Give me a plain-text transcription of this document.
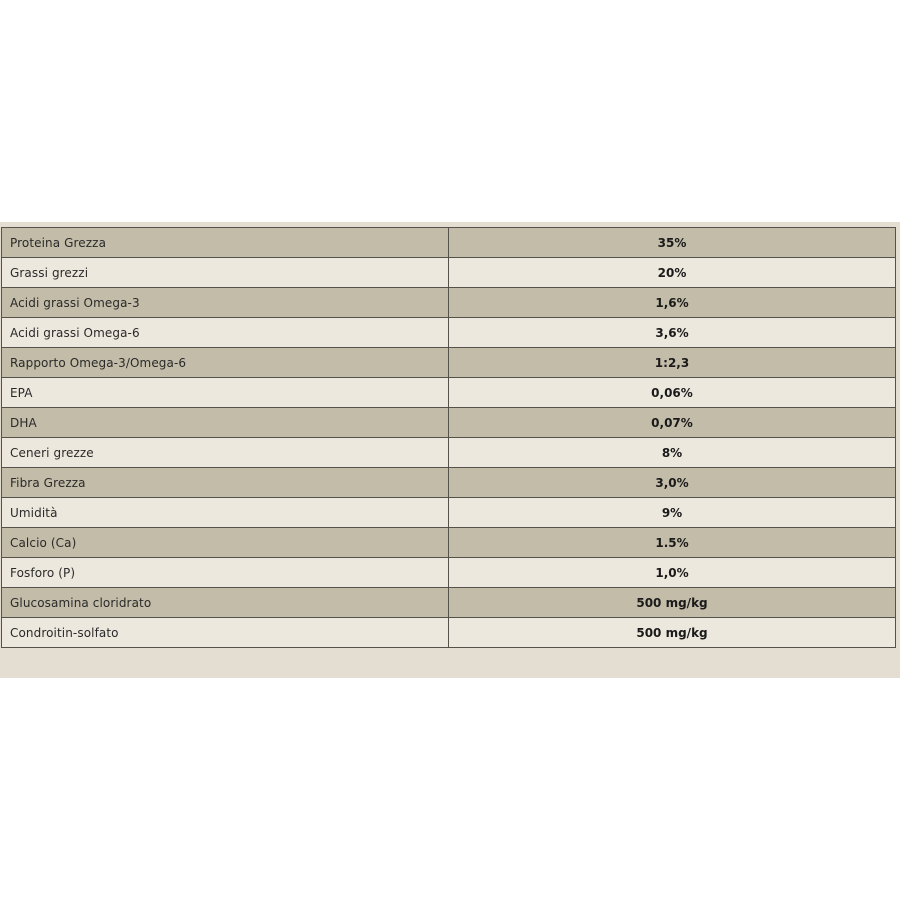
Proteina Grezza	35%
Grassi grezzi	20%
Acidi grassi Omega-3	1,6%
Acidi grassi Omega-6	3,6%
Rapporto Omega-3/Omega-6	1:2,3
EPA	0,06%
DHA	0,07%
Ceneri grezze	8%
Fibra Grezza	3,0%
Umidità	9%
Calcio (Ca)	1.5%
Fosforo (P)	1,0%
Glucosamina cloridrato	500 mg/kg
Condroitin-solfato	500 mg/kg
